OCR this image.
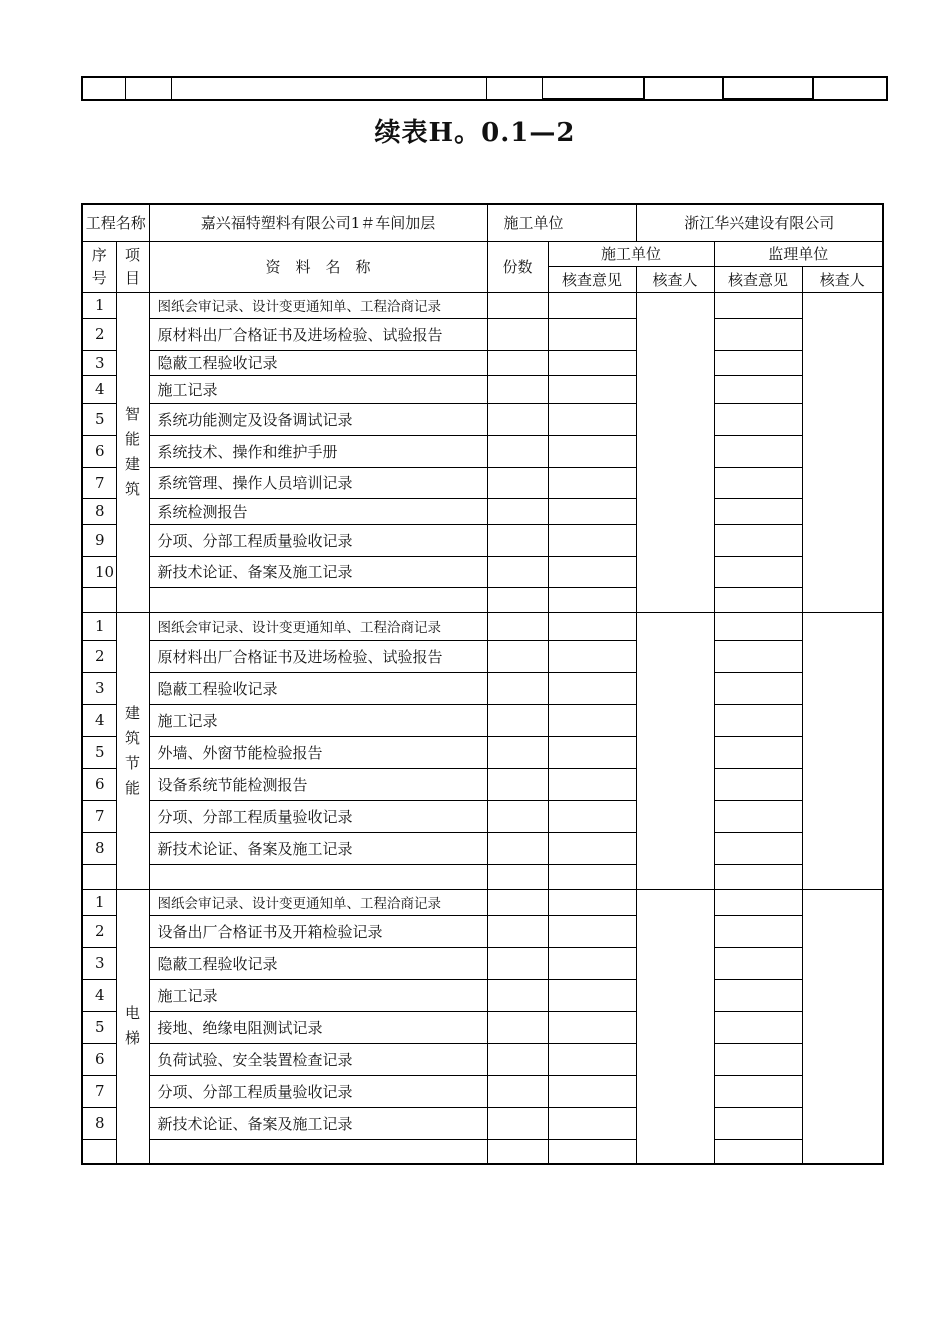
续表H。0.1—2
工程名称		嘉兴福特塑料有限公司1＃车间加层	施工单位		浙江华兴建设有限公司		
序号	项目	资　料　名　称	份数	施工单位		监理单位	
				核查意见	核查人	核查意见	核查人
1	智能建筑	图纸会审记录、设计变更通知单、工程洽商记录					
2		原材料出厂合格证书及进场检验、试验报告					
3		隐蔽工程验收记录					
4		施工记录					
5		系统功能测定及设备调试记录					
6		系统技术、操作和维护手册					
7		系统管理、操作人员培训记录					
8		系统检测报告					
9		分项、分部工程质量验收记录					
10		新技术论证、备案及施工记录					

1	建筑节能	图纸会审记录、设计变更通知单、工程洽商记录					
2		原材料出厂合格证书及进场检验、试验报告					
3		隐蔽工程验收记录					
4		施工记录					
5		外墙、外窗节能检验报告					
6		设备系统节能检测报告					
7		分项、分部工程质量验收记录					
8		新技术论证、备案及施工记录					

1	电梯	图纸会审记录、设计变更通知单、工程洽商记录					
2		设备出厂合格证书及开箱检验记录					
3		隐蔽工程验收记录					
4		施工记录					
5		接地、绝缘电阻测试记录					
6		负荷试验、安全装置检查记录					
7		分项、分部工程质量验收记录					
8		新技术论证、备案及施工记录					
